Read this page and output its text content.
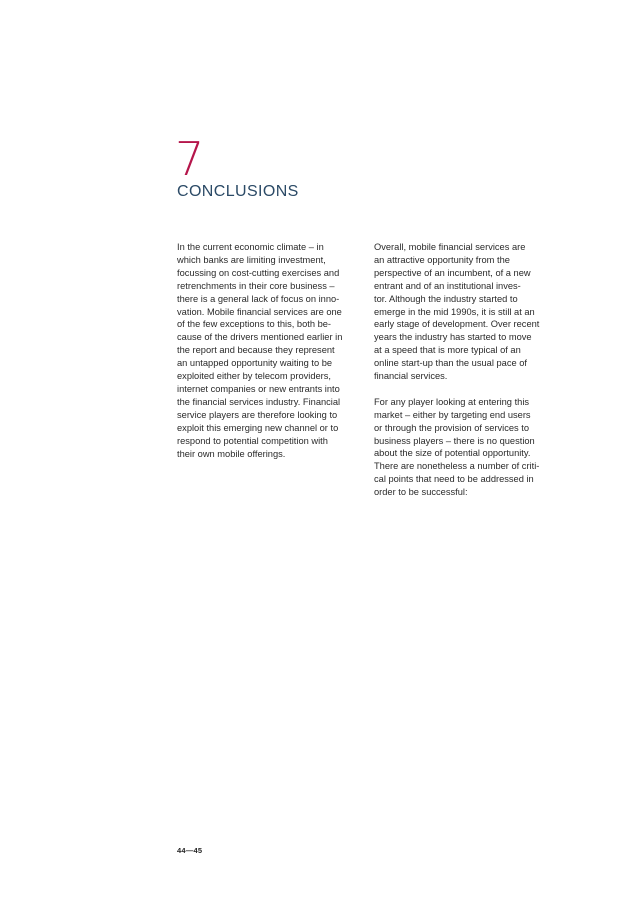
7
CONCLUSIONS

In the current economic climate – in
which banks are limiting investment,
focussing on cost-cutting exercises and
retrenchments in their core business –
there is a general lack of focus on inno-
vation. Mobile financial services are one
of the few exceptions to this, both be-
cause of the drivers mentioned earlier in
the report and because they represent
an untapped opportunity waiting to be
exploited either by telecom providers,
internet companies or new entrants into
the financial services industry. Financial
service players are therefore looking to
exploit this emerging new channel or to
respond to potential competition with
their own mobile offerings.

Overall, mobile financial services are
an attractive opportunity from the
perspective of an incumbent, of a new
entrant and of an institutional inves-
tor. Although the industry started to
emerge in the mid 1990s, it is still at an
early stage of development. Over recent
years the industry has started to move
at a speed that is more typical of an
online start-up than the usual pace of
financial services.

For any player looking at entering this
market – either by targeting end users
or through the provision of services to
business players – there is no question
about the size of potential opportunity.
There are nonetheless a number of criti-
cal points that need to be addressed in
order to be successful:

44—45
